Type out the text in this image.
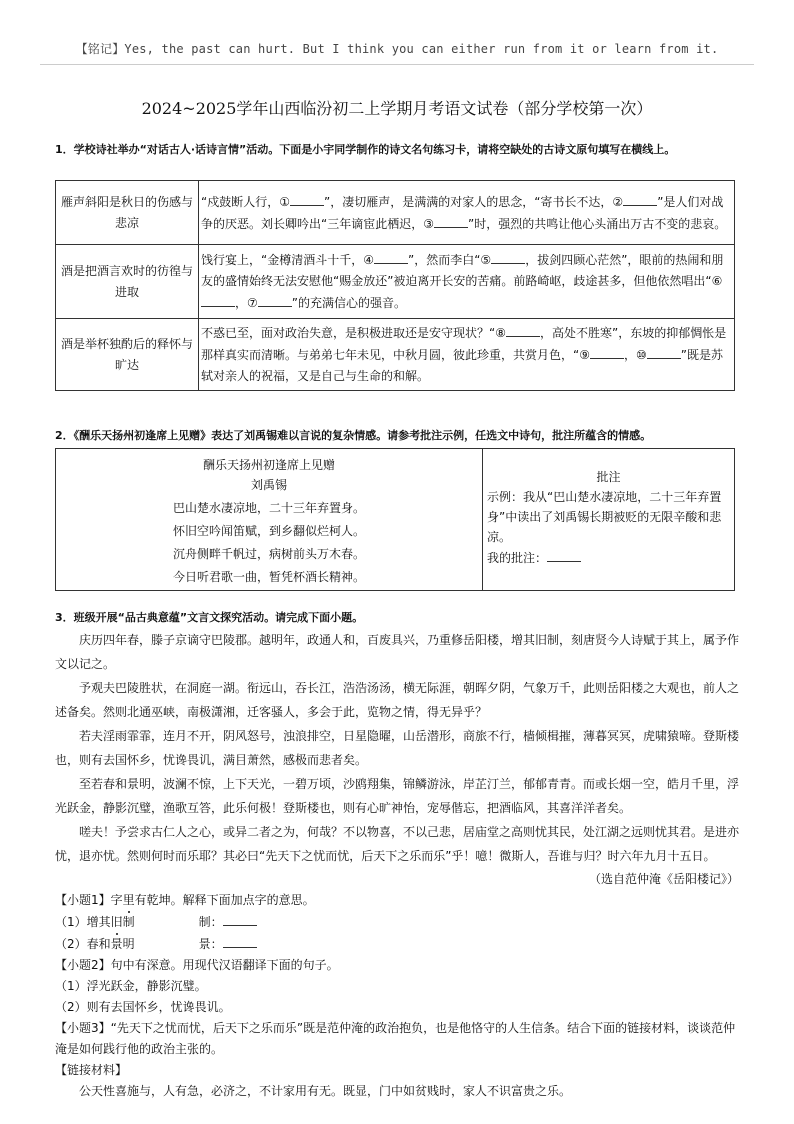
【铭记】Yes, the past can hurt. But I think you can either run from it or learn from it.
2024~2025学年山西临汾初二上学期月考语文试卷（部分学校第一次）
1．学校诗社举办“对话古人·话诗言情”活动。下面是小宇同学制作的诗文名句练习卡，请将空缺处的古诗文原句填写在横线上。
雁声斜阳是秋日的伤感与悲凉	“戍鼓断人行，① ”，凄切雁声，是满满的对家人的思念，“寄书长不达，② ”是人们对战争的厌恶。刘长卿吟出“三年谪宦此栖迟，③ ”时，强烈的共鸣让他心头涌出万古不变的悲哀。
酒是把酒言欢时的彷徨与进取	饯行宴上，“金樽清酒斗十千，④ ”，然而李白“⑤ ，拔剑四顾心茫然”，眼前的热闹和朋友的盛情始终无法安慰他“赐金放还”被迫离开长安的苦痛。前路崎岖，歧途甚多，但他依然唱出“⑥，⑦ ”的充满信心的强音。
酒是举杯独酌后的释怀与旷达	不惑已至，面对政治失意，是积极进取还是安守现状？“⑧ ，高处不胜寒”，东坡的抑郁惆怅是那样真实而清晰。与弟弟七年未见，中秋月圆，彼此珍重，共赏月色，“⑨ ，⑩ ”既是苏轼对亲人的祝福，又是自己与生命的和解。
2．《酬乐天扬州初逢席上见赠》表达了刘禹锡难以言说的复杂情感。请参考批注示例，任选文中诗句，批注所蕴含的情感。
酬乐天扬州初逢席上见赠
刘禹锡
巴山楚水凄凉地，二十三年弃置身。
怀旧空吟闻笛赋，到乡翻似烂柯人。
沉舟侧畔千帆过，病树前头万木春。
今日听君歌一曲，暂凭杯酒长精神。

批注
示例：我从“巴山楚水凄凉地，二十三年弃置身”中读出了刘禹锡长期被贬的无限辛酸和悲凉。
我的批注：
3．班级开展“品古典意蕴”文言文探究活动。请完成下面小题。

庆历四年春，滕子京谪守巴陵郡。越明年，政通人和，百废具兴，乃重修岳阳楼，增其旧制，刻唐贤今人诗赋于其上，属予作文以记之。

予观夫巴陵胜状，在洞庭一湖。衔远山，吞长江，浩浩汤汤，横无际涯，朝晖夕阴，气象万千，此则岳阳楼之大观也，前人之述备矣。然则北通巫峡，南极潇湘，迁客骚人，多会于此，览物之情，得无异乎？

若夫淫雨霏霏，连月不开，阴风怒号，浊浪排空，日星隐曜，山岳潜形，商旅不行，樯倾楫摧，薄暮冥冥，虎啸猿啼。登斯楼也，则有去国怀乡，忧谗畏讥，满目萧然，感极而悲者矣。

至若春和景明，波澜不惊，上下天光，一碧万顷，沙鸥翔集，锦鳞游泳，岸芷汀兰，郁郁青青。而或长烟一空，皓月千里，浮光跃金，静影沉璧，渔歌互答，此乐何极！登斯楼也，则有心旷神怡，宠辱偕忘，把酒临风，其喜洋洋者矣。

嗟夫！予尝求古仁人之心，或异二者之为，何哉？不以物喜，不以己悲，居庙堂之高则忧其民，处江湖之远则忧其君。是进亦忧，退亦忧。然则何时而乐耶？其必曰“先天下之忧而忧，后天下之乐而乐”乎！噫！微斯人，吾谁与归？时六年九月十五日。

（选自范仲淹《岳阳楼记》）

【小题1】字里有乾坤。解释下面加点字的意思。

（1）增其旧制	制：

（2）春和景明	景：

【小题2】句中有深意。用现代汉语翻译下面的句子。

（1）浮光跃金，静影沉璧。

（2）则有去国怀乡，忧谗畏讥。

【小题3】“先天下之忧而忧，后天下之乐而乐”既是范仲淹的政治抱负，也是他恪守的人生信条。结合下面的链接材料，谈谈范仲淹是如何践行他的政治主张的。

【链接材料】

公天性喜施与，人有急，必济之，不计家用有无。既显，门中如贫贱时，家人不识富贵之乐。
